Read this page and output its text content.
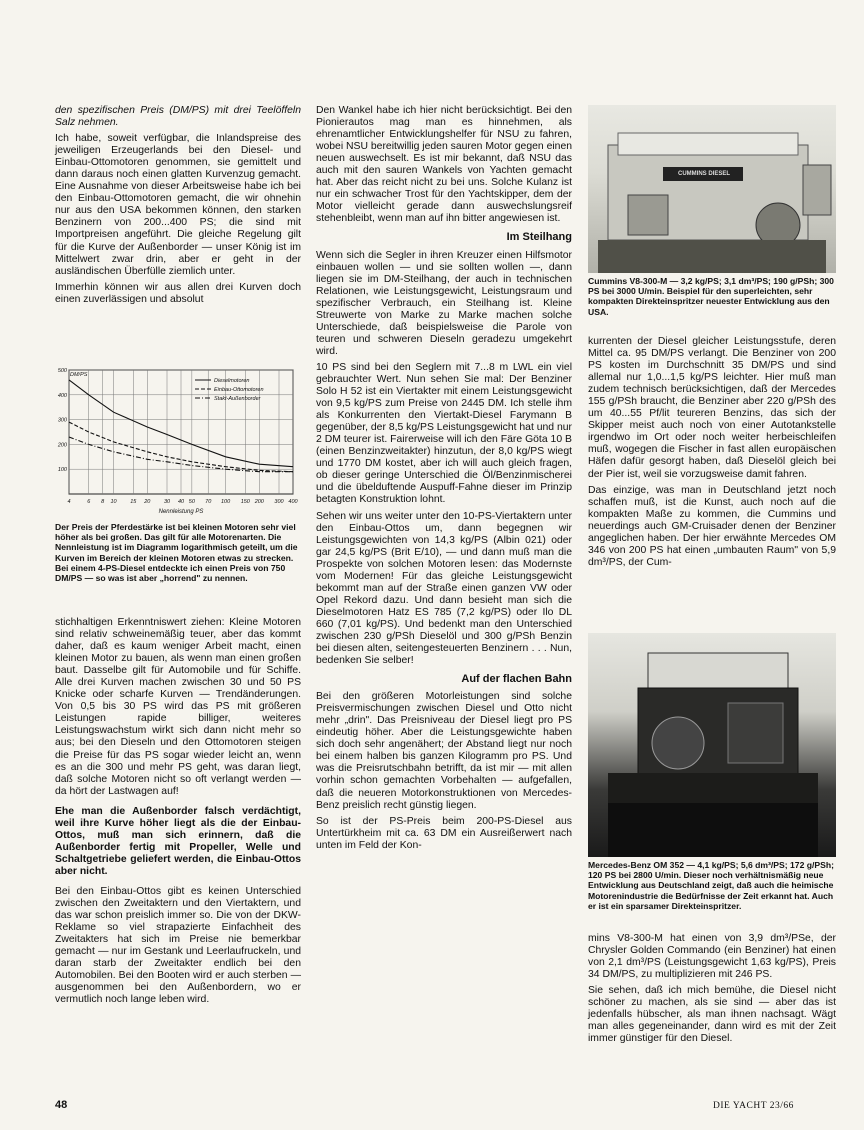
den spezifischen Preis (DM/PS) mit drei Teelöffeln Salz nehmen.

Ich habe, soweit verfügbar, die Inlandspreise des jeweiligen Erzeugerlands bei den Diesel- und Einbau-Ottomotoren genommen, sie gemittelt und dann daraus noch einen glatten Kurvenzug gemacht. Eine Ausnahme von dieser Arbeitsweise habe ich bei den Einbau-Ottomotoren gemacht, die wir ohnehin nur aus den USA bekommen können, den starken Benzinern von 200...400 PS; die sind mit Importpreisen angeführt. Die gleiche Regelung gilt für die Kurve der Außenborder — unser König ist im Mittelwert zwar drin, aber er geht in der ausländischen Überfülle ziemlich unter.

Immerhin können wir aus allen drei Kurven doch einen zuverlässigen und absolut

4	6 8 10 15 20 30 40 50 70 100 150 200 300 400
100
200
300
400
500
DM/PS
Nennleistung PS
Dieselmotoren
Einbau-Ottomotoren
Stakt-Außenborder
Der Preis der Pferdestärke ist bei kleinen Motoren sehr viel höher als bei großen. Das gilt für alle Motorenarten. Die Nennleistung ist im Diagramm logarithmisch geteilt, um die Kurven im Bereich der kleinen Motoren etwas zu strecken. Bei einem 4-PS-Diesel entdeckte ich einen Preis von 750 DM/PS — so was ist aber „horrend" zu nennen.

stichhaltigen Erkenntniswert ziehen: Kleine Motoren sind relativ schweinemäßig teuer, aber das kommt daher, daß es kaum weniger Arbeit macht, einen kleinen Motor zu bauen, als wenn man einen großen baut. Dasselbe gilt für Automobile und für Schiffe. Alle drei Kurven machen zwischen 30 und 50 PS Knicke oder scharfe Kurven — Trendänderungen. Von 0,5 bis 30 PS wird das PS mit größeren Leistungen rapide billiger, weiteres Leistungswachstum wirkt sich dann nicht mehr so aus; bei den Dieseln und den Ottomotoren steigen die Preise für das PS sogar wieder leicht an, wenn es an die 300 und mehr PS geht, was daran liegt, daß solche Motoren nicht so oft verlangt werden — da hört der Lastwagen auf!

Ehe man die Außenborder falsch verdächtigt, weil ihre Kurve höher liegt als die der Einbau-Ottos, muß man sich erinnern, daß die Außenborder fertig mit Propeller, Welle und Schaltgetriebe geliefert werden, die Einbau-Ottos aber nicht.

Bei den Einbau-Ottos gibt es keinen Unterschied zwischen den Zweitaktern und den Viertaktern, und das war schon preislich immer so. Die von der DKW-Reklame so viel strapazierte Einfachheit des Zweitakters hat sich im Preise nie bemerkbar gemacht — nur im Gestank und Leerlaufruckeln, und daran starb der Zweitakter endlich bei den Automobilen. Bei den Booten wird er auch sterben — ausgenommen bei den Außenbordern, wo er vermutlich noch lange leben wird.

Den Wankel habe ich hier nicht berücksichtigt. Bei den Pionierautos mag man es hinnehmen, als ehrenamtlicher Entwicklungshelfer für NSU zu fahren, wobei NSU bereitwillig jeden sauren Motor gegen einen neuen auswechselt. Es ist mir bekannt, daß NSU das auch mit den sauren Wankels von Yachten gemacht hat. Aber das reicht nicht zu bei uns. Solche Kulanz ist nur ein schwacher Trost für den Yachtskipper, dem der Motor vielleicht gerade dann auswechslungsreif stehenbleibt, wenn man auf ihn bitter angewiesen ist.

Im Steilhang

Wenn sich die Segler in ihren Kreuzer einen Hilfsmotor einbauen wollen — und sie sollten wollen —, dann liegen sie im DM-Steilhang, der auch in technischen Relationen, wie Leistungsgewicht, Leistungsraum und spezifischer Verbrauch, ein Steilhang ist. Kleine Streuwerte von Marke zu Marke machen solche Unterschiede, daß beispielsweise die Parole von teuren und schweren Dieseln geradezu umgekehrt wird.

10 PS sind bei den Seglern mit 7...8 m LWL ein viel gebrauchter Wert. Nun sehen Sie mal: Der Benziner Solo H 52 ist ein Viertakter mit einem Leistungsgewicht von 9,5 kg/PS zum Preise von 2445 DM. Ich stelle ihm als Konkurrenten den Viertakt-Diesel Farymann B gegenüber, der 8,5 kg/PS Leistungsgewicht hat und nur 2 DM teurer ist. Fairerweise will ich den Färe Göta 10 B (einen Benzinzweitakter) hinzutun, der 8,0 kg/PS wiegt und 1770 DM kostet, aber ich will auch gleich fragen, ob dieser geringe Unterschied die Öl/Benzinmischerei und die übelduftende Auspuff-Fahne dieser im Prinzip betagten Konstruktion lohnt.

Sehen wir uns weiter unter den 10-PS-Viertaktern unter den Einbau-Ottos um, dann begegnen wir Leistungsgewichten von 14,3 kg/PS (Albin 021) oder gar 24,5 kg/PS (Brit E/10), — und dann muß man die Prospekte von solchen Motoren lesen: das Modernste vom Modernen! Für das gleiche Leistungsgewicht bekommt man auf der Straße einen ganzen VW oder Opel Rekord dazu. Und dann besieht man sich die Dieselmotoren Hatz ES 785 (7,2 kg/PS) oder Ilo DL 660 (7,01 kg/PS). Und bedenkt man den Unterschied zwischen 230 g/PSh Dieselöl und 300 g/PSh Benzin bei diesen alten, seitengesteuerten Benzinern . . . Nun, bedenken Sie selber!

Auf der flachen Bahn

Bei den größeren Motorleistungen sind solche Preisvermischungen zwischen Diesel und Otto nicht mehr „drin". Das Preisniveau der Diesel liegt pro PS eindeutig höher. Aber die Leistungsgewichte haben sich doch sehr angenähert; der Abstand liegt nur noch bei einem halben bis ganzen Kilogramm pro PS. Und was die Preisrutschbahn betrifft, da ist mir — mit allen vorhin schon gemachten Vorbehalten — aufgefallen, daß die neueren Motorkonstruktionen von Mercedes-Benz preislich recht günstig liegen.

So ist der PS-Preis beim 200-PS-Diesel aus Untertürkheim mit ca. 63 DM ein Ausreißerwert nach unten im Feld der Kon-

CUMMINS DIESEL
Cummins V8-300-M — 3,2 kg/PS; 3,1 dm³/PS; 190 g/PSh; 300 PS bei 3000 U/min. Beispiel für den superleichten, sehr kompakten Direkteinspritzer neuester Entwicklung aus den USA.

kurrenten der Diesel gleicher Leistungsstufe, deren Mittel ca. 95 DM/PS verlangt. Die Benziner von 200 PS kosten im Durchschnitt 35 DM/PS und sind allemal nur 1,0...1,5 kg/PS leichter. Hier muß man zudem technisch berücksichtigen, daß der Mercedes 155 g/PSh braucht, die Benziner aber 220 g/PSh des um 40...55 Pf/lit teureren Benzins, das sich der Skipper meist auch noch von einer Autotankstelle irgendwo im Ort oder noch weiter herbeischleifen muß, wogegen die Fischer in fast allen europäischen Häfen dafür gesorgt haben, daß Dieselöl gleich bei der Pier ist, weil sie vorzugsweise damit fahren.

Das einzige, was man in Deutschland jetzt noch schaffen muß, ist die Kunst, auch noch auf die kompakten Maße zu kommen, die Cummins und neuerdings auch GM-Cruisader denen der Benziner angeglichen haben. Der hier erwähnte Mercedes OM 346 von 200 PS hat einen „umbauten Raum" von 5,9 dm³/PS, der Cum-

Mercedes-Benz OM 352 — 4,1 kg/PS; 5,6 dm³/PS; 172 g/PSh; 120 PS bei 2800 U/min. Dieser noch verhältnismäßig neue Entwicklung aus Deutschland zeigt, daß auch die heimische Motorenindustrie die Bedürfnisse der Zeit erkannt hat. Auch er ist ein sparsamer Direkteinspritzer.

mins V8-300-M hat einen von 3,9 dm³/PSe, der Chrysler Golden Commando (ein Benziner) hat einen von 2,1 dm³/PS (Leistungsgewicht 1,63 kg/PS), Preis 34 DM/PS, zu multiplizieren mit 246 PS.

Sie sehen, daß ich mich bemühe, die Diesel nicht schöner zu machen, als sie sind — aber das ist jedenfalls hübscher, als man ihnen nachsagt. Wägt man alles gegeneinander, dann wird es mit der Zeit immer günstiger für den Diesel.

48	DIE YACHT 23/66
